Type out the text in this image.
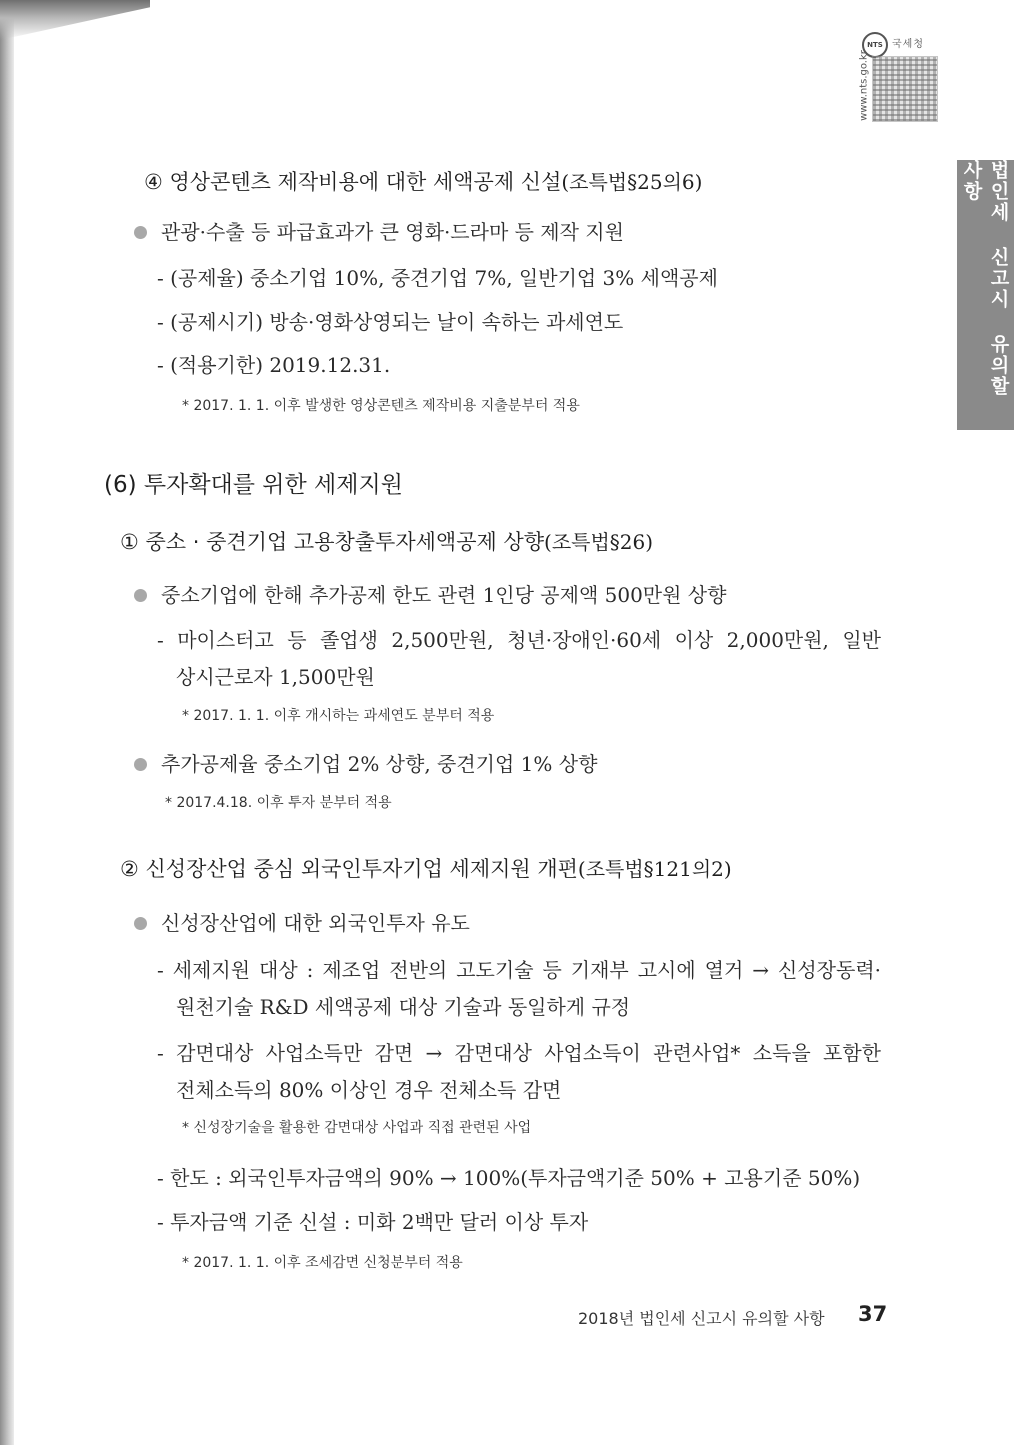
www.nts.go.kr
NTS 국세청
법인세 신고시 유의할 사항
④ 영상콘텐츠 제작비용에 대한 세액공제 신설(조특법§25의6)
관광·수출 등 파급효과가 큰 영화·드라마 등 제작 지원
- (공제율) 중소기업 10%, 중견기업 7%, 일반기업 3% 세액공제
- (공제시기) 방송·영화상영되는 날이 속하는 과세연도
- (적용기한) 2019.12.31.
* 2017. 1. 1. 이후 발생한 영상콘텐츠 제작비용 지출분부터 적용
(6) 투자확대를 위한 세제지원
① 중소 · 중견기업 고용창출투자세액공제 상향(조특법§26)
중소기업에 한해 추가공제 한도 관련 1인당 공제액 500만원 상향
- 마이스터고 등 졸업생 2,500만원, 청년·장애인·60세 이상 2,000만원, 일반
상시근로자 1,500만원
* 2017. 1. 1. 이후 개시하는 과세연도 분부터 적용
추가공제율 중소기업 2% 상향, 중견기업 1% 상향
* 2017.4.18. 이후 투자 분부터 적용
② 신성장산업 중심 외국인투자기업 세제지원 개편(조특법§121의2)
신성장산업에 대한 외국인투자 유도
- 세제지원 대상 : 제조업 전반의 고도기술 등 기재부 고시에 열거 → 신성장동력·
원천기술 R&D 세액공제 대상 기술과 동일하게 규정
- 감면대상 사업소득만 감면 → 감면대상 사업소득이 관련사업* 소득을 포함한
전체소득의 80% 이상인 경우 전체소득 감면
* 신성장기술을 활용한 감면대상 사업과 직접 관련된 사업
- 한도 : 외국인투자금액의 90% → 100%(투자금액기준 50% + 고용기준 50%)
- 투자금액 기준 신설 : 미화 2백만 달러 이상 투자
* 2017. 1. 1. 이후 조세감면 신청분부터 적용
2018년 법인세 신고시 유의할 사항 37
